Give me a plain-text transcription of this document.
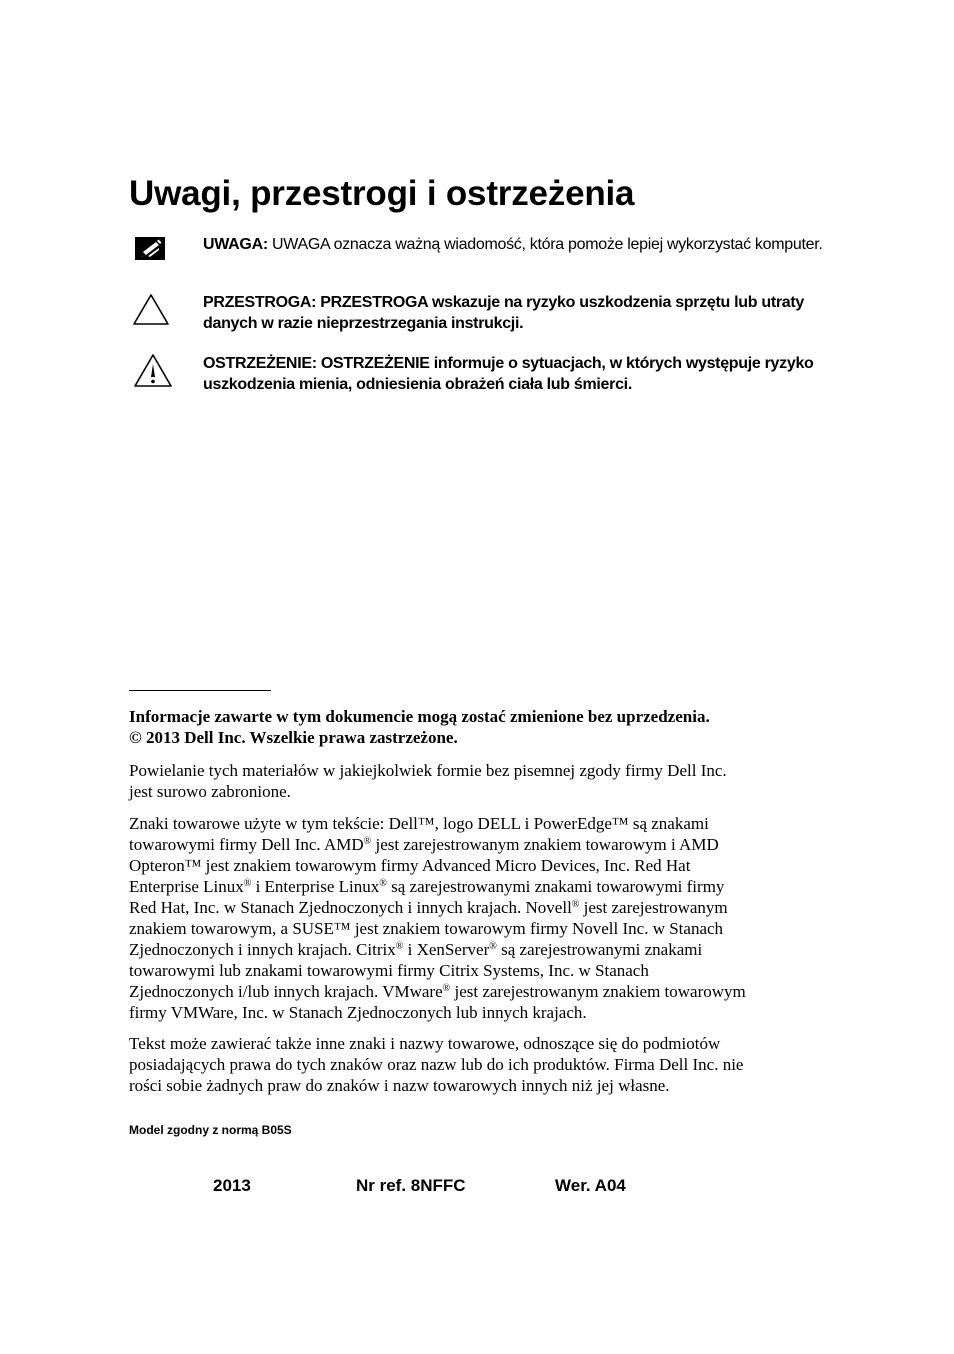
Uwagi, przestrogi i ostrzeżenia
UWAGA: UWAGA oznacza ważną wiadomość, która pomoże lepiej wykorzystać komputer.
PRZESTROGA: PRZESTROGA wskazuje na ryzyko uszkodzenia sprzętu lub utraty danych w razie nieprzestrzegania instrukcji.
OSTRZEŻENIE: OSTRZEŻENIE informuje o sytuacjach, w których występuje ryzyko uszkodzenia mienia, odniesienia obrażeń ciała lub śmierci.

Informacje zawarte w tym dokumencie mogą zostać zmienione bez uprzedzenia.
© 2013 Dell Inc. Wszelkie prawa zastrzeżone.

Powielanie tych materiałów w jakiejkolwiek formie bez pisemnej zgody firmy Dell Inc.
jest surowo zabronione.

Znaki towarowe użyte w tym tekście: Dell™, logo DELL i PowerEdge™ są znakami
towarowymi firmy Dell Inc. AMD® jest zarejestrowanym znakiem towarowym i AMD
Opteron™ jest znakiem towarowym firmy Advanced Micro Devices, Inc. Red Hat
Enterprise Linux® i Enterprise Linux® są zarejestrowanymi znakami towarowymi firmy
Red Hat, Inc. w Stanach Zjednoczonych i innych krajach. Novell® jest zarejestrowanym
znakiem towarowym, a SUSE™ jest znakiem towarowym firmy Novell Inc. w Stanach
Zjednoczonych i innych krajach. Citrix® i XenServer® są zarejestrowanymi znakami
towarowymi lub znakami towarowymi firmy Citrix Systems, Inc. w Stanach
Zjednoczonych i/lub innych krajach. VMware® jest zarejestrowanym znakiem towarowym
firmy VMWare, Inc. w Stanach Zjednoczonych lub innych krajach.

Tekst może zawierać także inne znaki i nazwy towarowe, odnoszące się do podmiotów
posiadających prawa do tych znaków oraz nazw lub do ich produktów. Firma Dell Inc. nie
rości sobie żadnych praw do znaków i nazw towarowych innych niż jej własne.

Model zgodny z normą B05S
2013	Nr ref. 8NFFC	Wer. A04
